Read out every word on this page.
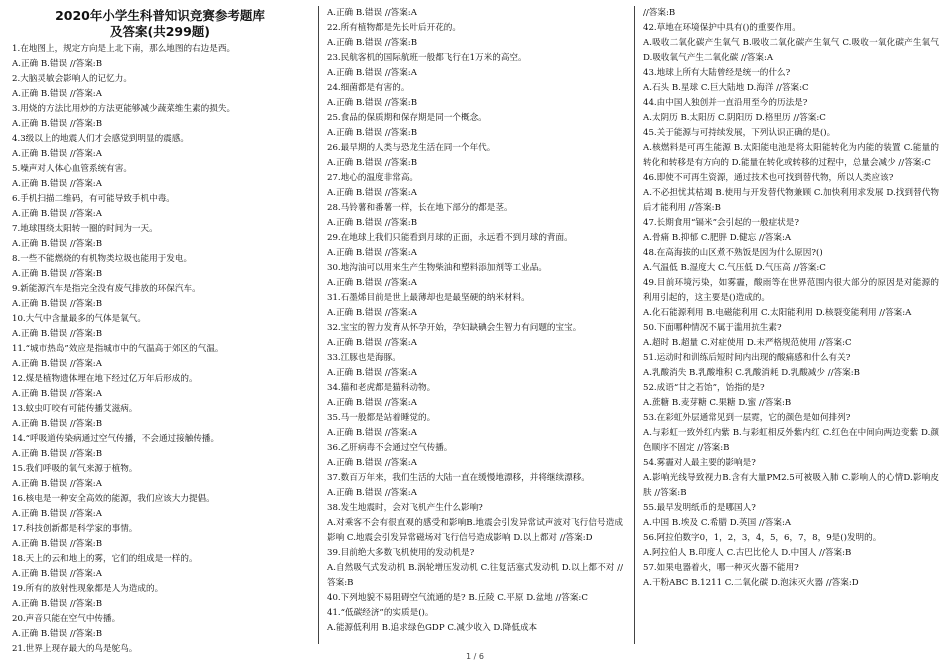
2020年小学生科普知识竞赛参考题库
及答案(共299题)
1.在地图上，规定方向是上北下南，那么地图的右边是西。
A.正确 B.错误 //答案:B
2.大脑灵敏会影响人的记忆力。
A.正确 B.错误 //答案:A
3.用烧的方法比用炒的方法更能够减少蔬菜维生素的损失。
A.正确 B.错误 //答案:B
4.3级以上的地震人们才会感觉到明显的震感。
A.正确 B.错误 //答案:A
5.噪声对人体心血管系统有害。
A.正确 B.错误 //答案:A
6.手机扫描二维码，有可能导致手机中毒。
A.正确 B.错误 //答案:A
7.地球围绕太阳转一圈的时间为一天。
A.正确 B.错误 //答案:B
8.一些不能燃烧的有机物类垃圾也能用于发电。
A.正确 B.错误 //答案:B
9.新能源汽车是指完全没有废气排放的环保汽车。
A.正确 B.错误 //答案:B
10.大气中含量最多的气体是氧气。
A.正确 B.错误 //答案:B
11.“城市热岛”效应是指城市中的气温高于郊区的气温。
A.正确 B.错误 //答案:A
12.煤是植物遗体埋在地下经过亿万年后形成的。
A.正确 B.错误 //答案:A
13.蚊虫叮咬有可能传播艾滋病。
A.正确 B.错误 //答案:B
14.“呼吸道传染病通过空气传播，不会通过接触传播。
A.正确 B.错误 //答案:B
15.我们呼吸的氧气来源于植物。
A.正确 B.错误 //答案:A
16.核电是一种安全高效的能源，我们应该大力提倡。
A.正确 B.错误 //答案:A
17.科技创新都是科学家的事情。
A.正确 B.错误 //答案:B
18.天上的云和地上的雾，它们的组成是一样的。
A.正确 B.错误 //答案:A
19.所有的放射性现象都是人为造成的。
A.正确 B.错误 //答案:B
20.声音只能在空气中传播。
A.正确 B.错误 //答案:B
21.世界上现存最大的鸟是鸵鸟。
A.正确 B.错误 //答案:A
22.所有植物都是先长叶后开花的。
A.正确 B.错误 //答案:B
23.民航客机的国际航班一般都飞行在1万米的高空。
A.正确 B.错误 //答案:A
24.细菌都是有害的。
A.正确 B.错误 //答案:B
25.食品的保质期和保存期是同一个概念。
A.正确 B.错误 //答案:B
26.最早期的人类与恐龙生活在同一个年代。
A.正确 B.错误 //答案:B
27.地心的温度非常高。
A.正确 B.错误 //答案:A
28.马铃薯和番薯一样，长在地下部分的都是茎。
A.正确 B.错误 //答案:B
29.在地球上我们只能看到月球的正面，永远看不到月球的背面。
A.正确 B.错误 //答案:A
30.地沟油可以用来生产生物柴油和塑料添加剂等工业品。
A.正确 B.错误 //答案:A
31.石墨烯目前是世上最薄却也是最坚硬的纳米材料。
A.正确 B.错误 //答案:A
32.宝宝的智力发育从怀孕开始，孕妇缺碘会生智力有问题的宝宝。
A.正确 B.错误 //答案:A
33.江豚也是海豚。
A.正确 B.错误 //答案:A
34.猫和老虎都是猫科动物。
A.正确 B.错误 //答案:A
35.马一般都是站着睡觉的。
A.正确 B.错误 //答案:A
36.乙肝病毒不会通过空气传播。
A.正确 B.错误 //答案:A
37.数百万年来，我们生活的大陆一直在缓慢地漂移，并将继续漂移。
A.正确 B.错误 //答案:A
38.发生地震时，会对飞机产生什么影响?
A.对乘客不会有很直观的感受和影响B.地震会引发异常试声波对飞行信号造成影响 C.地震会引发异常磁场对飞行信号造成影响 D.以上都对 //答案:D
39.目前绝大多数飞机使用的发动机是?
A.自然吸气式发动机 B.涡轮增压发动机 C.往复活塞式发动机 D.以上都不对 //答案:B
40.下列地貌不易阻碍空气流通的是? B.丘陵 C.平原 D.盆地 //答案:C
41.“低碳经济”的实质是()。
A.能源低利用 B.追求绿色GDP C.减少收入 D.降低成本
//答案:B
42.草地在环境保护中具有()的重要作用。
A.吸收二氧化碳产生氧气 B.吸收二氧化碳产生氧气 C.吸收一氧化碳产生氧气 D.吸收氧气产生二氧化碳 //答案:A
43.地球上所有大陆曾经是统一的什么?
A.石头 B.星球 C.巨大陆地 D.海洋 //答案:C
44.由中国人独创并一直沿用至今的历法是?
A.太阴历 B.太阳历 C.阴阳历 D.格里历 //答案:C
45.关于能源与可持续发展，下列认识正确的是()。
A.核燃料是可再生能源 B.太阳能电池是将太阳能转化为内能的装置 C.能量的转化和转移是有方向的 D.能量在转化或转移的过程中，总量会减少 //答案:C
46.即使不可再生资源，通过技术也可找到替代物，所以人类应该?
A.不必担忧其枯竭 B.使用与开发替代物兼顾 C.加快利用求发展 D.找到替代物后才能利用 //答案:B
47.长期食用“镉米”会引起的一般症状是?
A.骨痛 B.抑郁 C.肥胖 D.健忘 //答案:A
48.在高海拔的山区煮不熟饭是因为什么原因?()
A.气温低 B.湿度大 C.气压低 D.气压高 //答案:C
49.目前环境污染，如雾霾，酸雨等在世界范围内很大部分的原因是对能源的利用引起的，这主要是()造成的。
A.化石能源利用 B.电磁能利用 C.太阳能利用 D.核裂变能利用 //答案:A
50.下面哪种情况不属于滥用抗生素?
A.超时 B.超量 C.对症使用 D.未严格规范使用 //答案:C
51.运动时和训练后短时间内出现的酸痛感和什么有关?
A.乳酸消失 B.乳酸堆积 C.乳酸消耗 D.乳酸减少 //答案:B
52.成语“甘之若饴”，饴指的是?
A.蔗糖 B.麦芽糖 C.果糖 D.蜜 //答案:B
53.在彩虹外层通常见到一层霓，它的颜色是如何排列?
A.与彩虹一致外红内紫 B.与彩虹相反外紫内红 C.红色在中间向两边变紫 D.颜色顺序不固定 //答案:B
54.雾霾对人最主要的影响是?
A.影响光线导致视力B.含有大量PM2.5可被吸入肺 C.影响人的心情D.影响皮肤 //答案:B
55.最早发明纸币的是哪国人?
A.中国 B.埃及 C.希腊 D.英国 //答案:A
56.阿拉伯数字0，1，2，3，4，5，6，7，8，9是()发明的。
A.阿拉伯人 B.印度人 C.古巴比伦人 D.中国人 //答案:B
57.如果电器着火，哪一种灭火器不能用?
A.干粉ABC B.1211 C.二氧化碳 D.泡沫灭火器 //答案:D
1 / 6
